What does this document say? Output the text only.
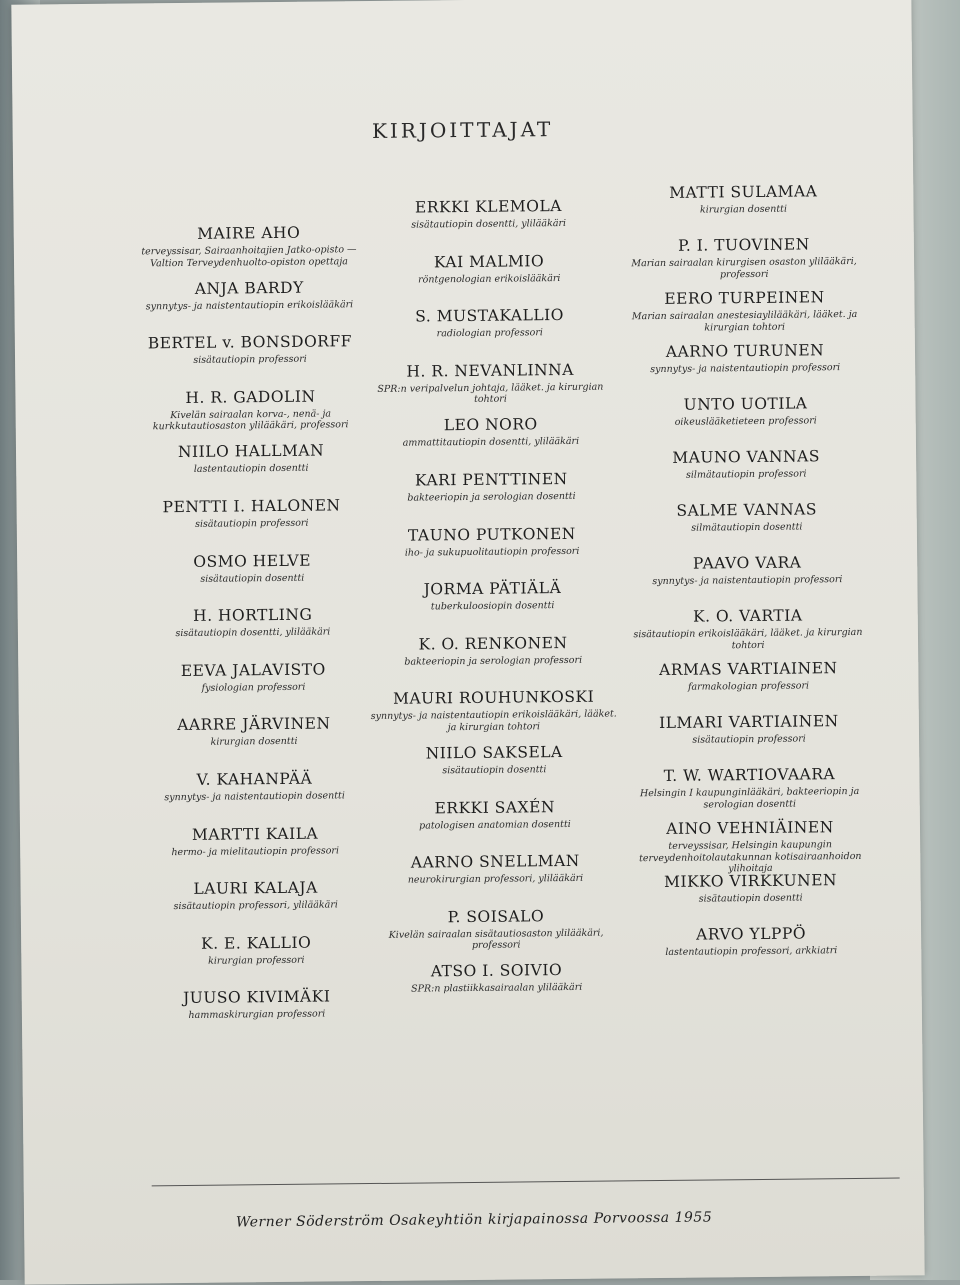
KIRJOITTAJAT
MAIRE AHO
terveyssisar, Sairaanhoitajien Jatko-opisto — Valtion Terveydenhuolto-opiston opettaja
ANJA BARDY
synnytys- ja naistentautiopin erikoislääkäri
BERTEL v. BONSDORFF
sisätautiopin professori
H. R. GADOLIN
Kivelän sairaalan korva-, nenä- ja kurkkutautiosaston ylilääkäri, professori
NIILO HALLMAN
lastentautiopin dosentti
PENTTI I. HALONEN
sisätautiopin professori
OSMO HELVE
sisätautiopin dosentti
H. HORTLING
sisätautiopin dosentti, ylilääkäri
EEVA JALAVISTO
fysiologian professori
AARRE JÄRVINEN
kirurgian dosentti
V. KAHANPÄÄ
synnytys- ja naistentautiopin dosentti
MARTTI KAILA
hermo- ja mielitautiopin professori
LAURI KALAJA
sisätautiopin professori, ylilääkäri
K. E. KALLIO
kirurgian professori
JUUSO KIVIMÄKI
hammaskirurgian professori
ERKKI KLEMOLA
sisätautiopin dosentti, ylilääkäri
KAI MALMIO
röntgenologian erikoislääkäri
S. MUSTAKALLIO
radiologian professori
H. R. NEVANLINNA
SPR:n veripalvelun johtaja, lääket. ja kirurgian tohtori
LEO NORO
ammattitautiopin dosentti, ylilääkäri
KARI PENTTINEN
bakteeriopin ja serologian dosentti
TAUNO PUTKONEN
iho- ja sukupuolitautiopin professori
JORMA PÄTIÄLÄ
tuberkuloosiopin dosentti
K. O. RENKONEN
bakteeriopin ja serologian professori
MAURI ROUHUNKOSKI
synnytys- ja naistentautiopin erikoislääkäri, lääket. ja kirurgian tohtori
NIILO SAKSELA
sisätautiopin dosentti
ERKKI SAXÉN
patologisen anatomian dosentti
AARNO SNELLMAN
neurokirurgian professori, ylilääkäri
P. SOISALO
Kivelän sairaalan sisätautiosaston ylilääkäri, professori
ATSO I. SOIVIO
SPR:n plastiikkasairaalan ylilääkäri
MATTI SULAMAA
kirurgian dosentti
P. I. TUOVINEN
Marian sairaalan kirurgisen osaston ylilääkäri, professori
EERO TURPEINEN
Marian sairaalan anestesiaylilääkäri, lääket. ja kirurgian tohtori
AARNO TURUNEN
synnytys- ja naistentautiopin professori
UNTO UOTILA
oikeuslääketieteen professori
MAUNO VANNAS
silmätautiopin professori
SALME VANNAS
silmätautiopin dosentti
PAAVO VARA
synnytys- ja naistentautiopin professori
K. O. VARTIA
sisätautiopin erikoislääkäri, lääket. ja kirurgian tohtori
ARMAS VARTIAINEN
farmakologian professori
ILMARI VARTIAINEN
sisätautiopin professori
T. W. WARTIOVAARA
Helsingin I kaupunginlääkäri, bakteeriopin ja serologian dosentti
AINO VEHNIÄINEN
terveyssisar, Helsingin kaupungin terveydenhoitolautakunnan kotisairaanhoidon ylihoitaja
MIKKO VIRKKUNEN
sisätautiopin dosentti
ARVO YLPPÖ
lastentautiopin professori, arkkiatri
Werner Söderström Osakeyhtiön kirjapainossa Porvoossa 1955
